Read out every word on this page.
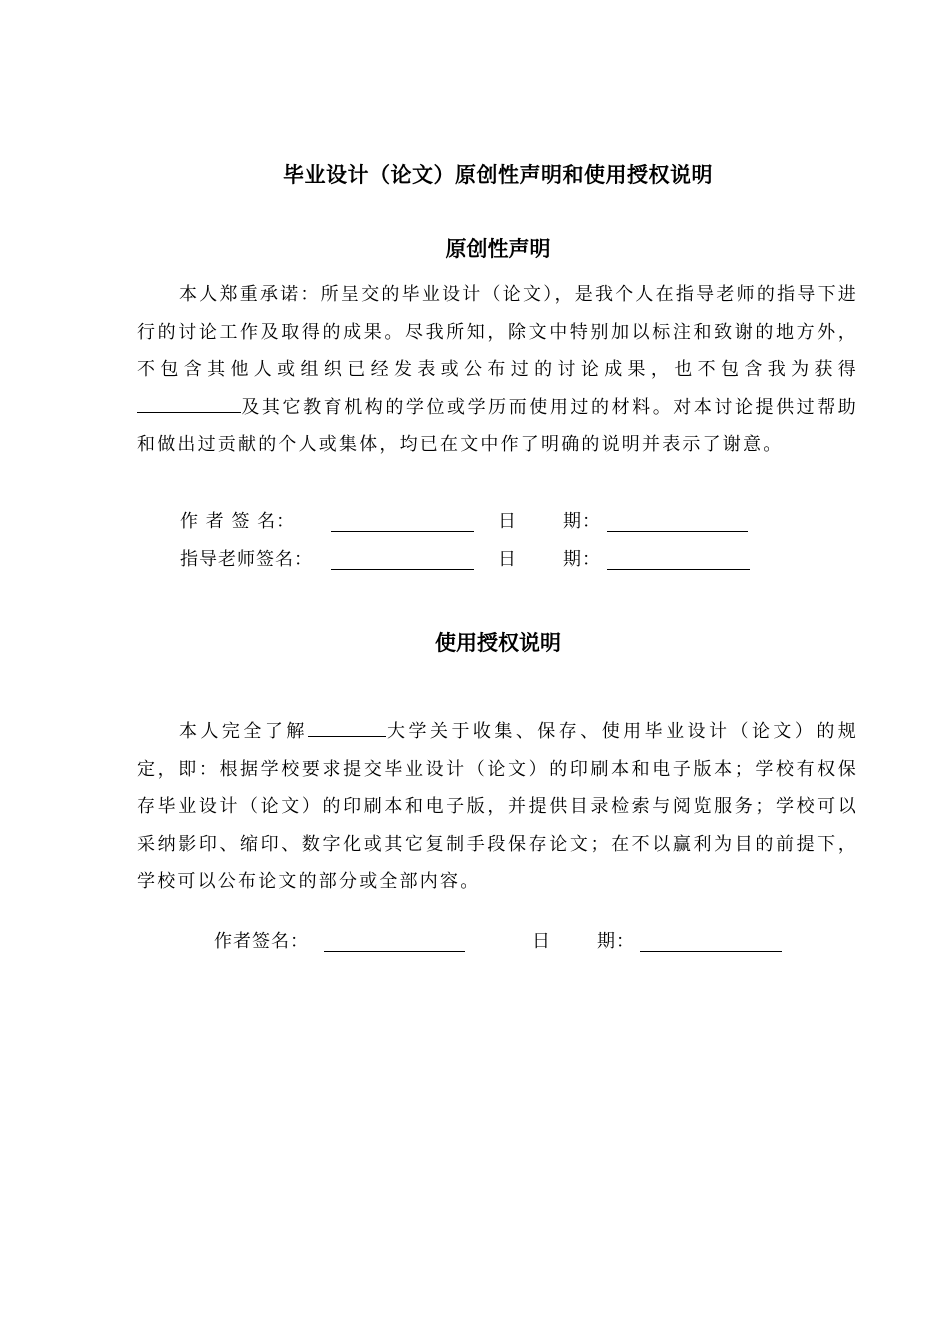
毕业设计（论文）原创性声明和使用授权说明
原创性声明

本人郑重承诺：所呈交的毕业设计（论文），是我个人在指导老师的指导下进行的讨论工作及取得的成果。尽我所知，除文中特别加以标注和致谢的地方外，不包含其他人或组织已经发表或公布过的讨论成果，也不包含我为获得及其它教育机构的学位或学历而使用过的材料。对本讨论提供过帮助和做出过贡献的个人或集体，均已在文中作了明确的说明并表示了谢意。

作 者 签 名：	日	期：
指导老师签名：	日	期：
使用授权说明

本人完全了解	大学关于收集、保存、使用毕业设计（论文）的规定，即：根据学校要求提交毕业设计（论文）的印刷本和电子版本；学校有权保存毕业设计（论文）的印刷本和电子版，并提供目录检索与阅览服务；学校可以采纳影印、缩印、数字化或其它复制手段保存论文；在不以赢利为目的前提下，学校可以公布论文的部分或全部内容。

作者签名：	日	期：
